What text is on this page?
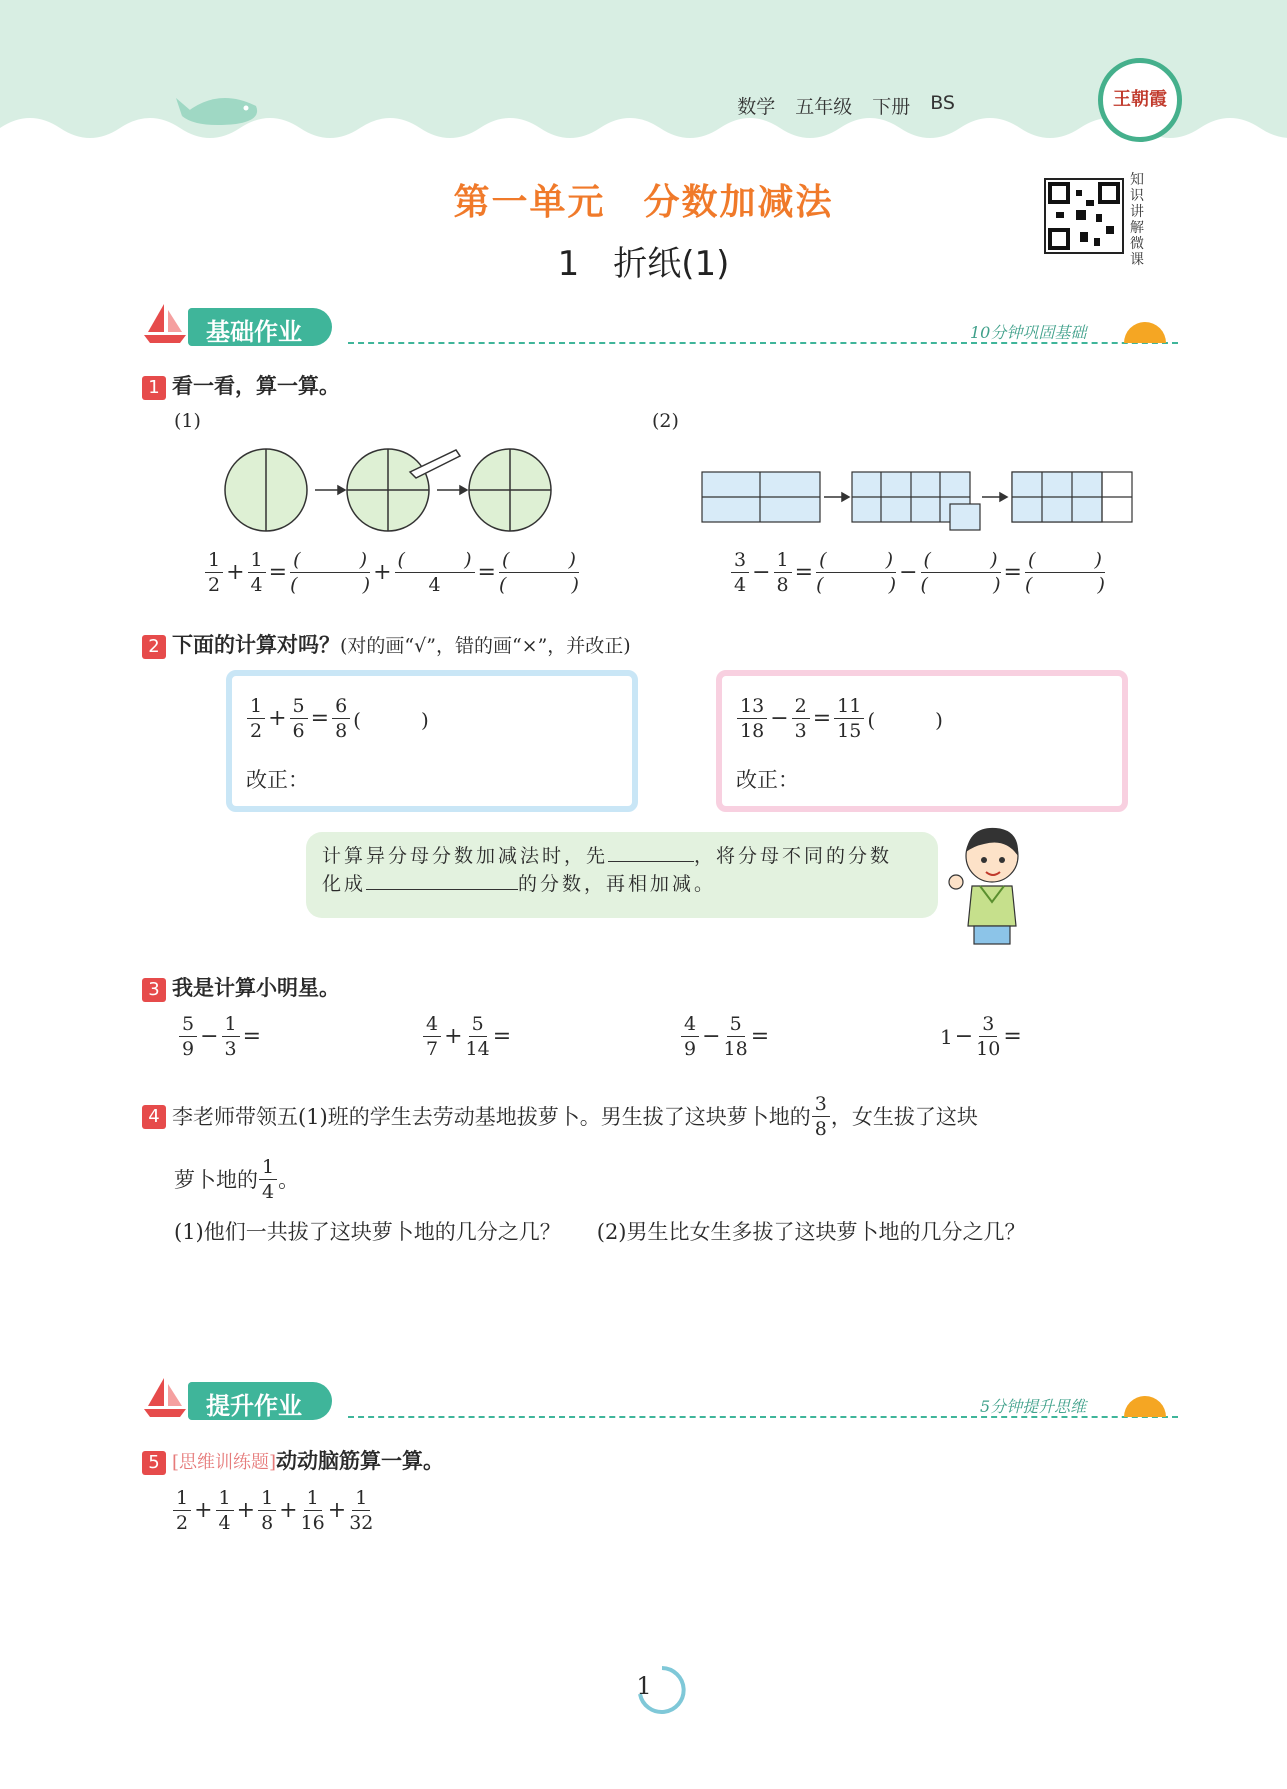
数学 五年级 下册 BS	王朝霞
第一单元　分数加减法
1　折纸(1)
知识讲解微课
基础作业	10分钟巩固基础
1 看一看，算一算。
(1)	(2)
$\frac{1}{2} + \frac{1}{4}$ = (	)
(	) + (	)
4 = (	)
(	)	$\frac{3}{4} - \frac{1}{8}$ = (	)
(	) − (	)
(	) = (	)
(	)
2 下面的计算对吗？(对的画“√”，错的画“×”，并改正)
$\frac{1}{2} + \frac{5}{6} = \frac{6}{8}$ (　　　)
改正：
$\frac{13}{18} - \frac{2}{3} = \frac{11}{15}$ (　　　)
改正：
计算异分母分数加减法时，先	，将分母不同的分数
化成	的分数，再相加减。
3 我是计算小明星。
$\frac{5}{9} - \frac{1}{3}$ =	$\frac{4}{7} + \frac{5}{14}$ =	$\frac{4}{9} - \frac{5}{18}$ =	$1 - \frac{3}{10}$ =
4 李老师带领五(1)班的学生去劳动基地拔萝卜。男生拔了这块萝卜地的 $\frac{3}{8}$ ，女生拔了这块
萝卜地的 $\frac{1}{4}$ 。
(1)他们一共拔了这块萝卜地的几分之几？ (2)男生比女生多拔了这块萝卜地的几分之几？
提升作业	5分钟提升思维
5 [思维训练题]动动脑筋算一算。
$\frac{1}{2} + \frac{1}{4} + \frac{1}{8} + \frac{1}{16} + \frac{1}{32}$
1
